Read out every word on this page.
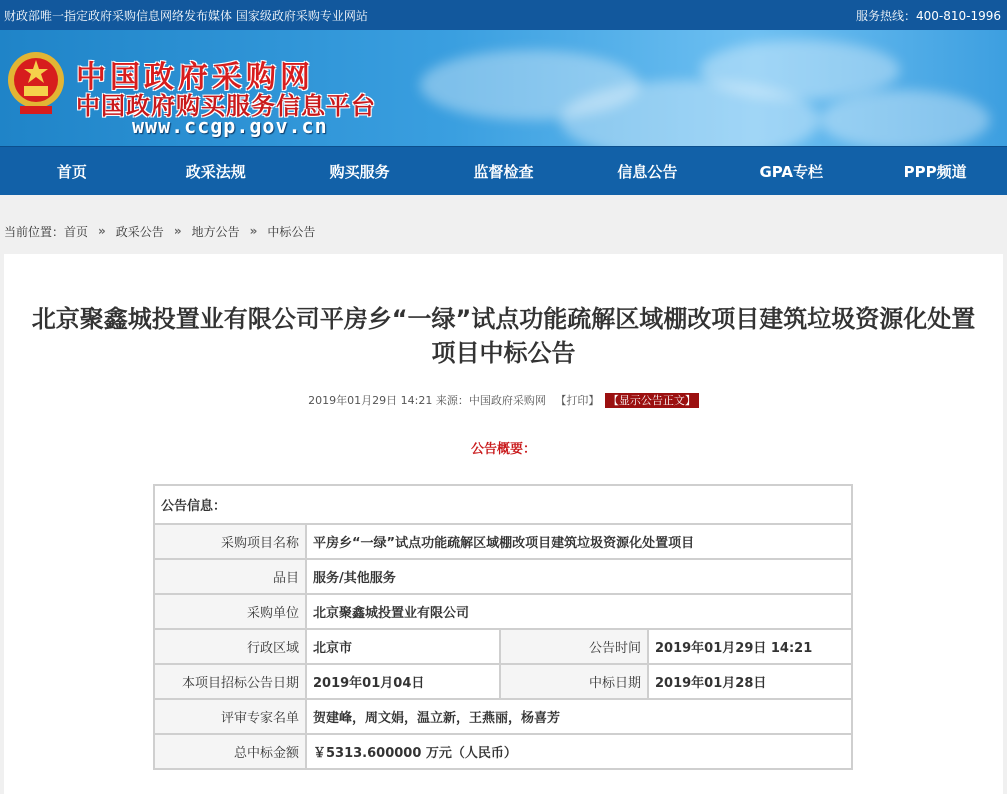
财政部唯一指定政府采购信息网络发布媒体 国家级政府采购专业网站	服务热线：400-810-1996
中国政府采购网
中国政府购买服务信息平台
www.ccgp.gov.cn
首页	政采法规	购买服务	监督检查	信息公告	GPA专栏	PPP频道
当前位置： 首页 » 政采公告 » 地方公告 » 中标公告
北京聚鑫城投置业有限公司平房乡“一绿”试点功能疏解区域棚改项目建筑垃圾资源化处置项目中标公告
2019年01月29日 14:21 来源：中国政府采购网 【打印】 【显示公告正文】
公告概要：
公告信息：			
采购项目名称	平房乡“一绿”试点功能疏解区域棚改项目建筑垃圾资源化处置项目		
品目	服务/其他服务		
采购单位	北京聚鑫城投置业有限公司		
行政区域	北京市	公告时间	2019年01月29日 14:21
本项目招标公告日期	2019年01月04日	中标日期	2019年01月28日
评审专家名单	贺建峰，周文娟，温立新，王燕丽，杨喜芳		
总中标金额	￥5313.600000 万元（人民币）		
